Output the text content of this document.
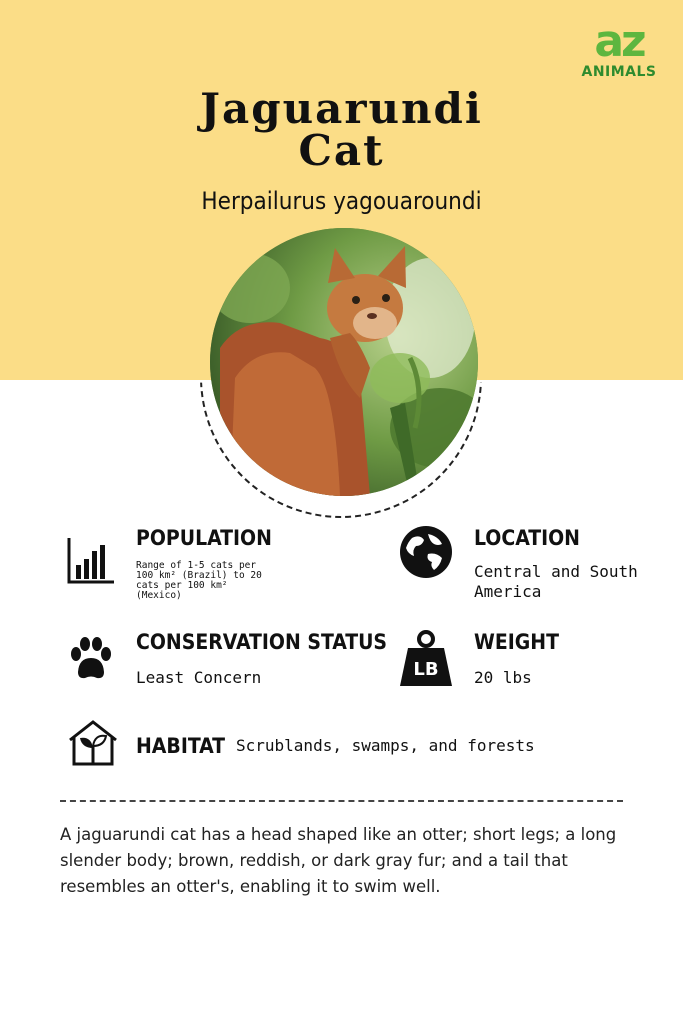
az
ANIMALS
Jaguarundi
Cat
Herpailurus yagouaroundi
POPULATION
Range of 1-5 cats per 100 km² (Brazil) to 20 cats per 100 km² (Mexico)
LOCATION
Central and South America
CONSERVATION STATUS
Least Concern	LB
WEIGHT
20 lbs
HABITAT Scrublands, swamps, and forests

A jaguarundi cat has a head shaped like an otter; short legs; a long slender body; brown, reddish, or dark gray fur; and a tail that resembles an otter's, enabling it to swim well.
